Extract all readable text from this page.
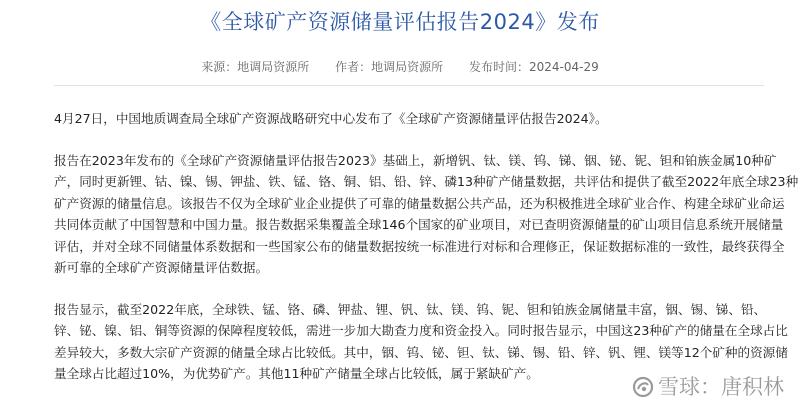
《全球矿产资源储量评估报告2024》发布
来源：地调局资源所 作者：地调局资源所 发布时间：2024-04-29

4月27日，中国地质调查局全球矿产资源战略研究中心发布了《全球矿产资源储量评估报告2024》。

报告在2023年发布的《全球矿产资源储量评估报告2023》基础上，新增钒、钛、镁、钨、锑、铟、铋、铌、钽和铂族金属10种矿
产，同时更新锂、钴、镍、锡、钾盐、铁、锰、铬、铜、铝、铅、锌、磷13种矿产储量数据，共评估和提供了截至2022年底全球23种
矿产资源的储量信息。该报告不仅为全球矿业企业提供了可靠的储量数据公共产品，还为积极推进全球矿业合作、构建全球矿业命运
共同体贡献了中国智慧和中国力量。报告数据采集覆盖全球146个国家的矿业项目，对已查明资源储量的矿山项目信息系统开展储量
评估，并对全球不同储量体系数据和一些国家公布的储量数据按统一标准进行对标和合理修正，保证数据标准的一致性，最终获得全
新可靠的全球矿产资源储量评估数据。

报告显示，截至2022年底，全球铁、锰、铬、磷、钾盐、锂、钒、钛、镁、钨、铌、钽和铂族金属储量丰富，铟、锡、锑、铅、
锌、铋、镍、铝、铜等资源的保障程度较低，需进一步加大勘查力度和资金投入。同时报告显示，中国这23种矿产的储量在全球占比
差异较大，多数大宗矿产资源的储量全球占比较低。其中，铟、钨、铋、钽、钛、锑、锡、铅、锌、钒、锂、镁等12个矿种的资源储
量全球占比超过10%，为优势矿产。其他11种矿产储量全球占比较低，属于紧缺矿产。

雪球：唐积林
